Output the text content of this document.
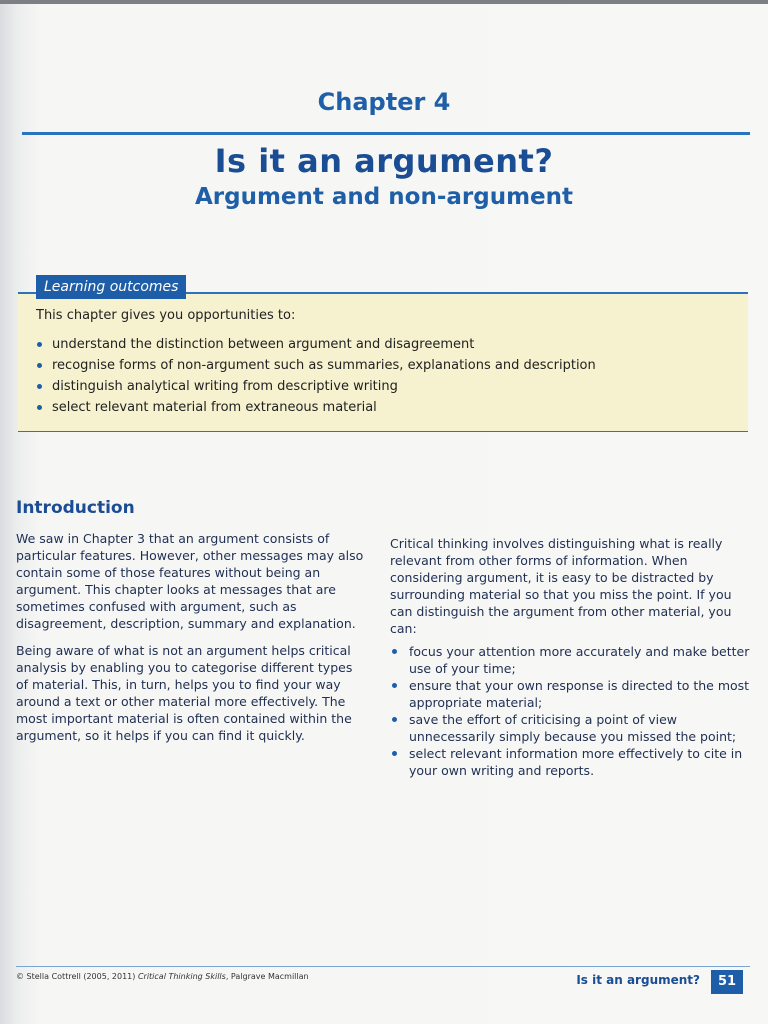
Chapter 4
Is it an argument?
Argument and non-argument
Learning outcomes
This chapter gives you opportunities to:
understand the distinction between argument and disagreement
recognise forms of non-argument such as summaries, explanations and description
distinguish analytical writing from descriptive writing
select relevant material from extraneous material
Introduction

We saw in Chapter 3 that an argument consists of particular features. However, other messages may also contain some of those features without being an argument. This chapter looks at messages that are sometimes confused with argument, such as disagreement, description, summary and explanation.

Being aware of what is not an argument helps critical analysis by enabling you to categorise different types of material. This, in turn, helps you to find your way around a text or other material more effectively. The most important material is often contained within the argument, so it helps if you can find it quickly.

Critical thinking involves distinguishing what is really relevant from other forms of information. When considering argument, it is easy to be distracted by surrounding material so that you miss the point. If you can distinguish the argument from other material, you can:

focus your attention more accurately and make better use of your time;
ensure that your own response is directed to the most appropriate material;
save the effort of criticising a point of view unnecessarily simply because you missed the point;
select relevant information more effectively to cite in your own writing and reports.
© Stella Cottrell (2005, 2011) Critical Thinking Skills, Palgrave Macmillan	Is it an argument?	51
